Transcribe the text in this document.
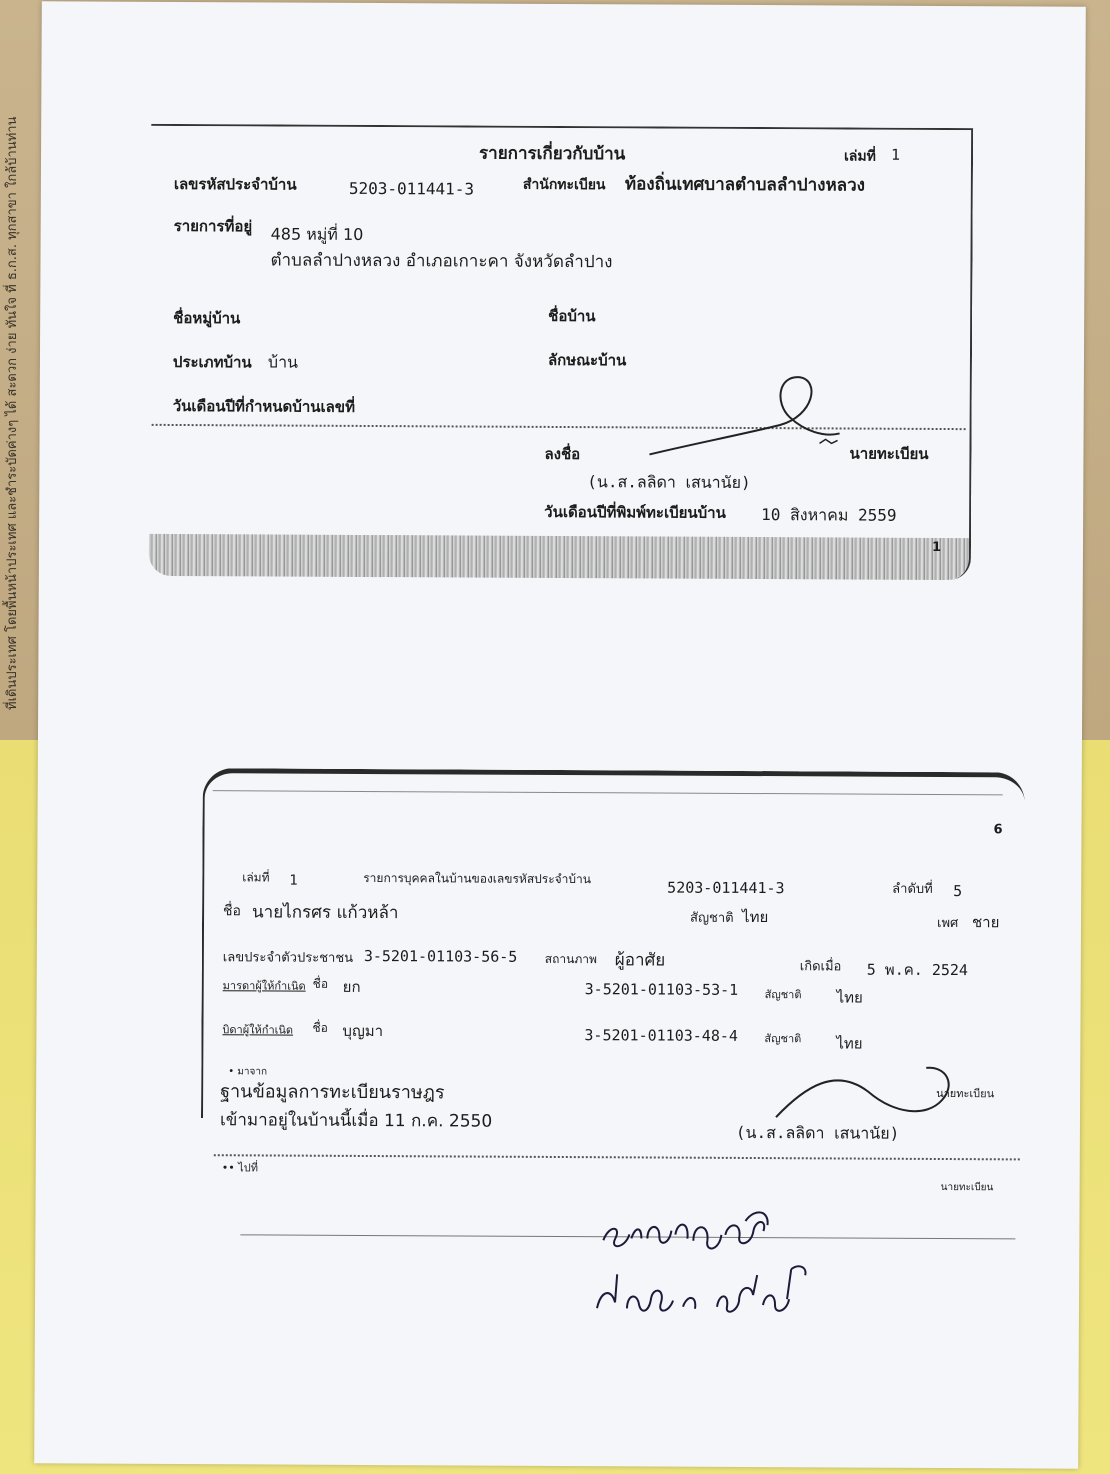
ที่เดินประเทศ โดยพื้นหน้าประเทศ และชำระบัดค่างๆ ได้ สะดวก ง่าย ทันใจ ที่ ธ.ก.ส. ทุกสาขา ใกล้บ้านท่าน	รายการเกี่ยวกับบ้าน	เล่มที่ 1
เลขรหัสประจำบ้าน	5203-011441-3	สำนักทะเบียน ท้องถิ่นเทศบาลตำบลลำปางหลวง
รายการที่อยู่ 485 หมู่ที่ 10
ตำบลลำปางหลวง อำเภอเกาะคา จังหวัดลำปาง
ชื่อหมู่บ้าน	ชื่อบ้าน
ประเภทบ้าน บ้าน	ลักษณะบ้าน
วันเดือนปีที่กำหนดบ้านเลขที่
ลงชื่อ	นายทะเบียน
(น.ส.ลลิดา เสนานัย)
วันเดือนปีที่พิมพ์ทะเบียนบ้าน 10 สิงหาคม 2559
1
6
เล่มที่ 1	รายการบุคคลในบ้านของเลขรหัสประจำบ้าน	5203-011441-3	ลำดับที่ 5
ชื่อ นายไกรศร แก้วหล้า	สัญชาติ ไทย	เพศ ชาย
เลขประจำตัวประชาชน 3-5201-01103-56-5 สถานภาพ ผู้อาศัย	เกิดเมื่อ 5 พ.ค. 2524
มารดาผู้ให้กำเนิด ชื่อ ยก	3-5201-01103-53-1 สัญชาติ ไทย
บิดาผู้ให้กำเนิด ชื่อ บุญมา	3-5201-01103-48-4 สัญชาติ ไทย
• มาจาก
ฐานข้อมูลการทะเบียนราษฎร
เข้ามาอยู่ในบ้านนี้เมื่อ 11 ก.ค. 2550
นายทะเบียน
(น.ส.ลลิดา เสนานัย)
•• ไปที่
นายทะเบียน
